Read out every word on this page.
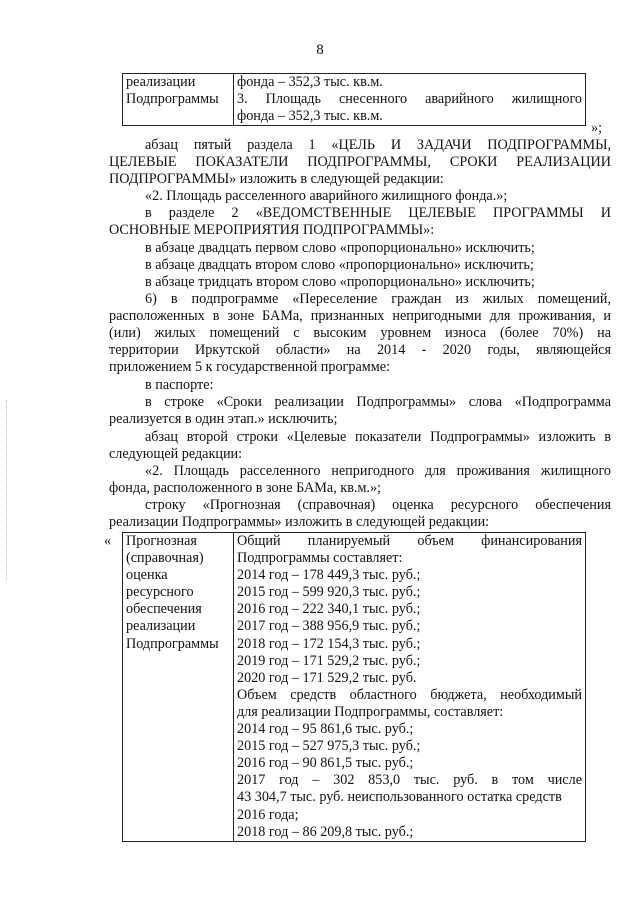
8
реализации
Подпрограммы

фонда – 352,3 тыс. кв.м.
3. Площадь снесенного аварийного жилищного
фонда – 352,3 тыс. кв.м.
»;
абзац пятый раздела 1 «ЦЕЛЬ И ЗАДАЧИ ПОДПРОГРАММЫ,
ЦЕЛЕВЫЕ ПОКАЗАТЕЛИ ПОДПРОГРАММЫ, СРОКИ РЕАЛИЗАЦИИ
ПОДПРОГРАММЫ» изложить в следующей редакции:
«2. Площадь расселенного аварийного жилищного фонда.»;
в разделе 2 «ВЕДОМСТВЕННЫЕ ЦЕЛЕВЫЕ ПРОГРАММЫ И
ОСНОВНЫЕ МЕРОПРИЯТИЯ ПОДПРОГРАММЫ»:
в абзаце двадцать первом слово «пропорционально» исключить;
в абзаце двадцать втором слово «пропорционально» исключить;
в абзаце тридцать втором слово «пропорционально» исключить;
6) в подпрограмме «Переселение граждан из жилых помещений,
расположенных в зоне БАМа, признанных непригодными для проживания, и
(или) жилых помещений с высоким уровнем износа (более 70%) на
территории Иркутской области» на 2014 - 2020 годы, являющейся
приложением 5 к государственной программе:
в паспорте:
в строке «Сроки реализации Подпрограммы» слова «Подпрограмма
реализуется в один этап.» исключить;
абзац второй строки «Целевые показатели Подпрограммы» изложить в
следующей редакции:
«2. Площадь расселенного непригодного для проживания жилищного
фонда, расположенного в зоне БАМа, кв.м.»;
строку «Прогнозная (справочная) оценка ресурсного обеспечения
реализации Подпрограммы» изложить в следующей редакции:
« Прогнозная
(справочная)
оценка
ресурсного
обеспечения
реализации
Подпрограммы

Общий планируемый объем финансирования
Подпрограммы составляет:
2014 год – 178 449,3 тыс. руб.;
2015 год – 599 920,3 тыс. руб.;
2016 год – 222 340,1 тыс. руб.;
2017 год – 388 956,9 тыс. руб.;
2018 год – 172 154,3 тыс. руб.;
2019 год – 171 529,2 тыс. руб.;
2020 год – 171 529,2 тыс. руб.
Объем средств областного бюджета, необходимый
для реализации Подпрограммы, составляет:
2014 год – 95 861,6 тыс. руб.;
2015 год – 527 975,3 тыс. руб.;
2016 год – 90 861,5 тыс. руб.;
2017 год – 302 853,0 тыс. руб. в том числе
43 304,7 тыс. руб. неиспользованного остатка средств
2016 года;
2018 год – 86 209,8 тыс. руб.;
